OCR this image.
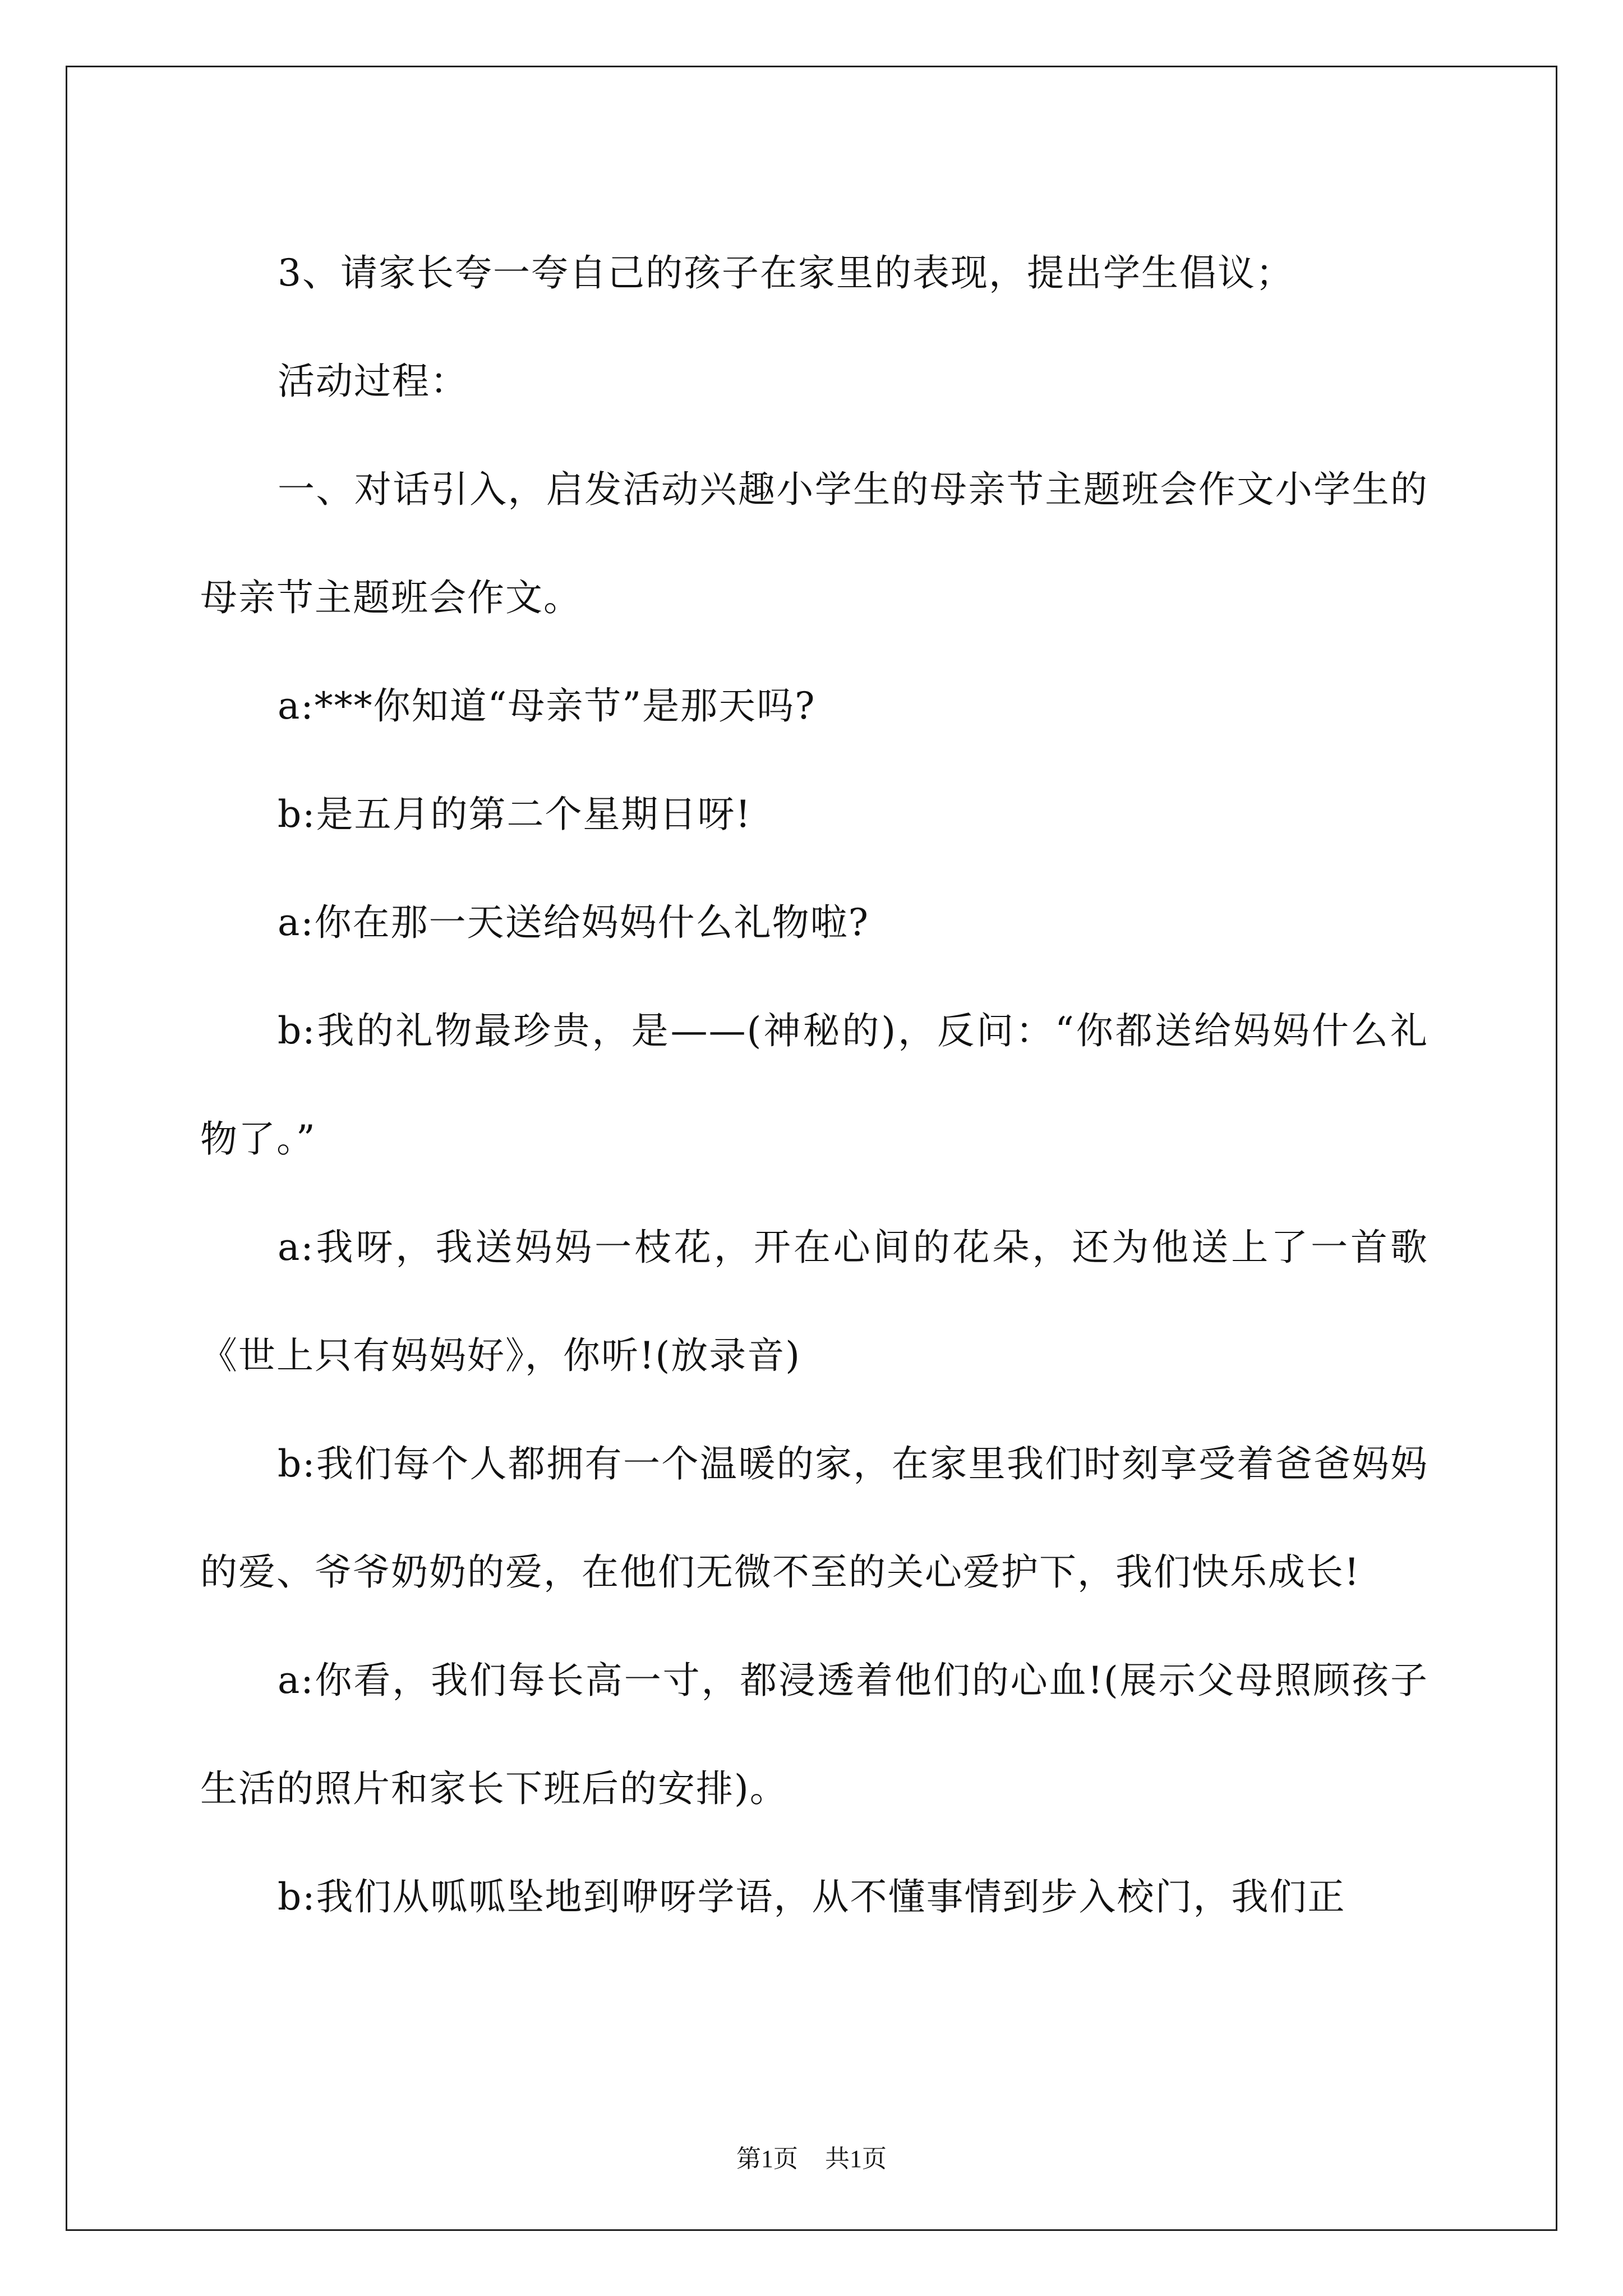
3、请家长夸一夸自己的孩子在家里的表现，提出学生倡议；

活动过程：

一、对话引入，启发活动兴趣小学生的母亲节主题班会作文小学生的母亲节主题班会作文。

a:***你知道“母亲节”是那天吗?

b:是五月的第二个星期日呀!

a:你在那一天送给妈妈什么礼物啦?

b:我的礼物最珍贵，是——(神秘的)，反问：“你都送给妈妈什么礼物了。”

a:我呀，我送妈妈一枝花，开在心间的花朵，还为他送上了一首歌《世上只有妈妈好》，你听!(放录音)

b:我们每个人都拥有一个温暖的家，在家里我们时刻享受着爸爸妈妈的爱、爷爷奶奶的爱，在他们无微不至的关心爱护下，我们快乐成长!

a:你看，我们每长高一寸，都浸透着他们的心血!(展示父母照顾孩子生活的照片和家长下班后的安排)。

b:我们从呱呱坠地到咿呀学语，从不懂事情到步入校门，我们正

第1页 共1页
